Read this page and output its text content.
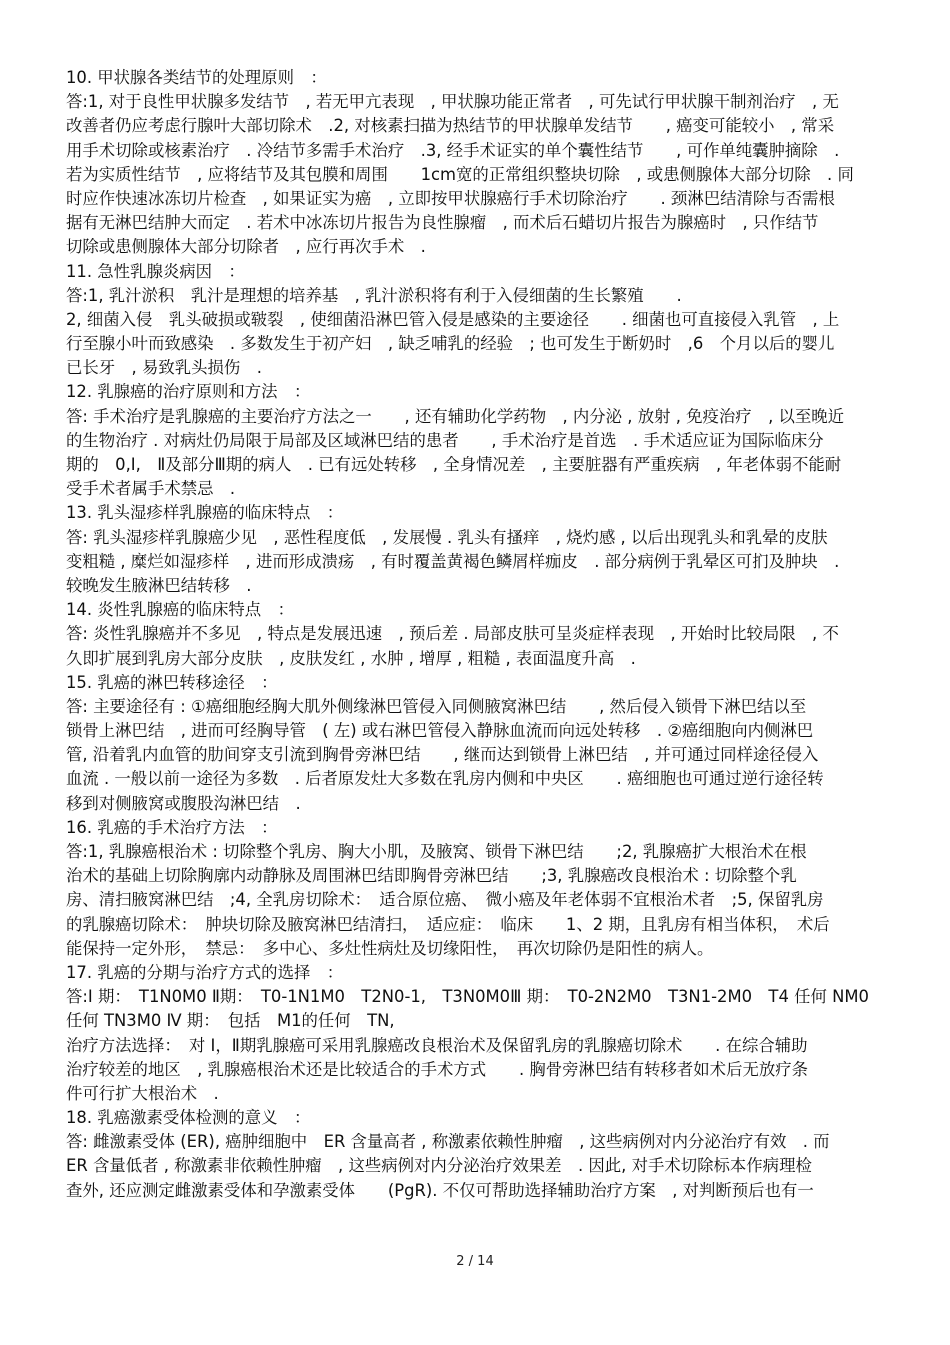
10. 甲状腺各类结节的处理原则　：
答:1, 对于良性甲状腺多发结节　, 若无甲亢表现　, 甲状腺功能正常者　, 可先试行甲状腺干制剂治疗　, 无
改善者仍应考虑行腺叶大部切除术　.2, 对核素扫描为热结节的甲状腺单发结节　　, 癌变可能较小　, 常采
用手术切除或核素治疗　. 冷结节多需手术治疗　.3, 经手术证实的单个囊性结节　　, 可作单纯囊肿摘除　.
若为实质性结节　, 应将结节及其包膜和周围　　1cm宽的正常组织整块切除　, 或患侧腺体大部分切除　. 同
时应作快速冰冻切片检查　, 如果证实为癌　, 立即按甲状腺癌行手术切除治疗　　. 颈淋巴结清除与否需根
据有无淋巴结肿大而定　. 若术中冰冻切片报告为良性腺瘤　, 而术后石蜡切片报告为腺癌时　, 只作结节
切除或患侧腺体大部分切除者　, 应行再次手术　.
11. 急性乳腺炎病因　：
答:1, 乳汁淤积　乳汁是理想的培养基　, 乳汁淤积将有利于入侵细菌的生长繁殖　　.
2, 细菌入侵　乳头破损或皲裂　, 使细菌沿淋巴管入侵是感染的主要途径　　. 细菌也可直接侵入乳管　, 上
行至腺小叶而致感染　. 多数发生于初产妇　, 缺乏哺乳的经验　; 也可发生于断奶时　,6　个月以后的婴儿
已长牙　, 易致乳头损伤　.
12. 乳腺癌的治疗原则和方法　：
答: 手术治疗是乳腺癌的主要治疗方法之一　　, 还有辅助化学药物　, 内分泌 , 放射 , 免疫治疗　, 以至晚近
的生物治疗 . 对病灶仍局限于局部及区域淋巴结的患者　　, 手术治疗是首选　. 手术适应证为国际临床分
期的　0,I,　Ⅱ及部分Ⅲ期的病人　. 已有远处转移　, 全身情况差　, 主要脏器有严重疾病　, 年老体弱不能耐
受手术者属手术禁忌　.
13. 乳头湿疹样乳腺癌的临床特点　：
答: 乳头湿疹样乳腺癌少见　, 恶性程度低　, 发展慢 . 乳头有搔痒　, 烧灼感 , 以后出现乳头和乳晕的皮肤
变粗糙 , 糜烂如湿疹样　, 进而形成溃疡　, 有时覆盖黄褐色鳞屑样痂皮　. 部分病例于乳晕区可扪及肿块　.
较晚发生腋淋巴结转移　.
14. 炎性乳腺癌的临床特点　：
答: 炎性乳腺癌并不多见　, 特点是发展迅速　, 预后差 . 局部皮肤可呈炎症样表现　, 开始时比较局限　, 不
久即扩展到乳房大部分皮肤　, 皮肤发红 , 水肿 , 增厚 , 粗糙 , 表面温度升高　.
15. 乳癌的淋巴转移途径　：
答: 主要途径有 : ①癌细胞经胸大肌外侧缘淋巴管侵入同侧腋窝淋巴结　　, 然后侵入锁骨下淋巴结以至
锁骨上淋巴结　, 进而可经胸导管　( 左) 或右淋巴管侵入静脉血流而向远处转移　. ②癌细胞向内侧淋巴
管, 沿着乳内血管的肋间穿支引流到胸骨旁淋巴结　　, 继而达到锁骨上淋巴结　, 并可通过同样途径侵入
血流 . 一般以前一途径为多数　. 后者原发灶大多数在乳房内侧和中央区　　. 癌细胞也可通过逆行途径转
移到对侧腋窝或腹股沟淋巴结　.
16. 乳癌的手术治疗方法　：
答:1, 乳腺癌根治术 : 切除整个乳房、胸大小肌，及腋窝、锁骨下淋巴结　　;2, 乳腺癌扩大根治术在根
治术的基础上切除胸廓内动静脉及周围淋巴结即胸骨旁淋巴结　　;3, 乳腺癌改良根治术 : 切除整个乳
房、清扫腋窝淋巴结　;4, 全乳房切除术：　适合原位癌、　微小癌及年老体弱不宜根治术者　;5, 保留乳房
的乳腺癌切除术：　肿块切除及腋窝淋巴结清扫，　适应症：　临床　　1、2 期，且乳房有相当体积，　术后
能保持一定外形，　禁忌：　多中心、多灶性病灶及切缘阳性，　再次切除仍是阳性的病人。
17. 乳癌的分期与治疗方式的选择　：
答:Ⅰ 期：　T1N0M0 Ⅱ期：　T0-1N1M0　T2N0-1,　T3N0M0Ⅲ 期：　T0-2N2M0　T3N1-2M0　T4 任何 NM0
任何 TN3M0 Ⅳ 期：　包括　M1的任何　TN,
治疗方法选择：　对 Ⅰ，Ⅱ期乳腺癌可采用乳腺癌改良根治术及保留乳房的乳腺癌切除术　　. 在综合辅助
治疗较差的地区　, 乳腺癌根治术还是比较适合的手术方式　　. 胸骨旁淋巴结有转移者如术后无放疗条
件可行扩大根治术　.
18. 乳癌激素受体检测的意义　：
答: 雌激素受体 (ER), 癌肿细胞中　ER 含量高者 , 称激素依赖性肿瘤　, 这些病例对内分泌治疗有效　. 而
ER 含量低者 , 称激素非依赖性肿瘤　, 这些病例对内分泌治疗效果差　. 因此, 对手术切除标本作病理检
查外, 还应测定雌激素受体和孕激素受体　　(PgR). 不仅可帮助选择辅助治疗方案　, 对判断预后也有一
2 / 14
